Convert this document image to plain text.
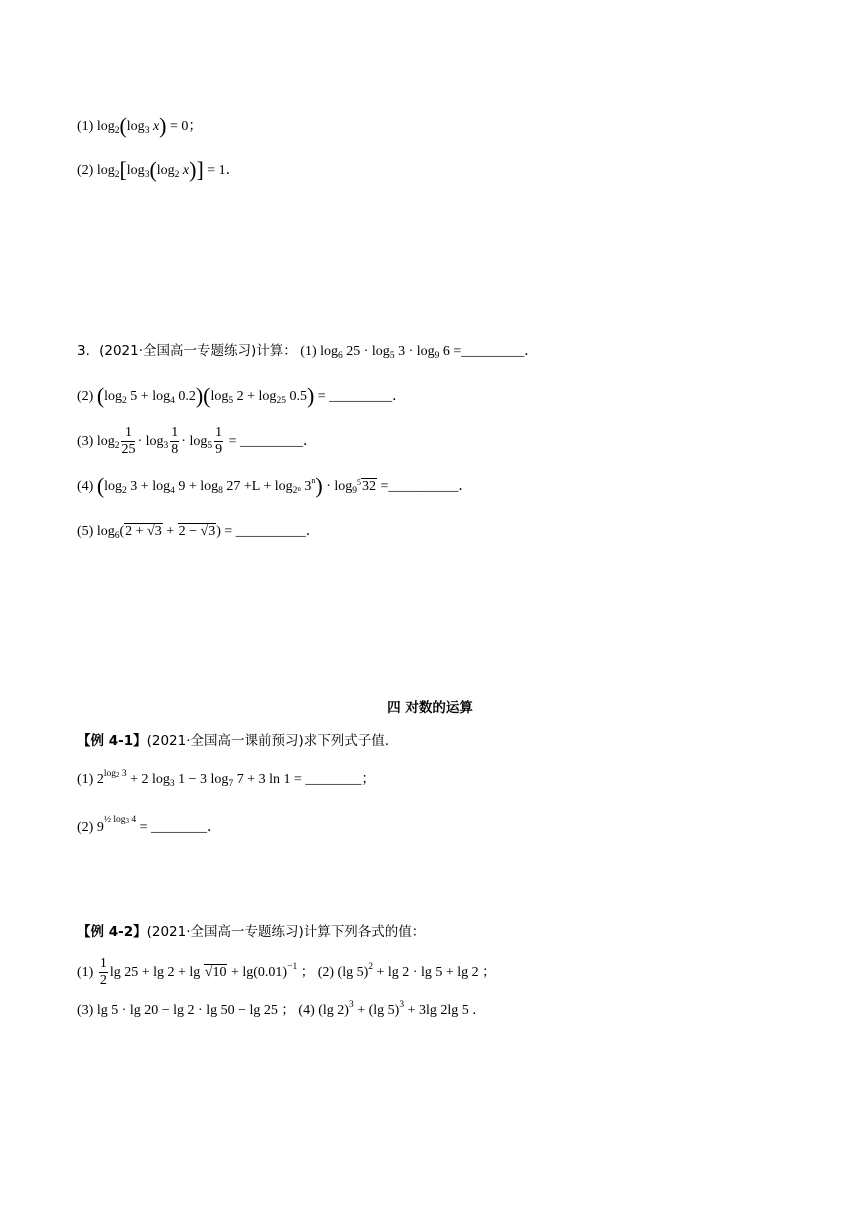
(1) $\log_2(\log_3$ x) = 0；
(2) $\log_2[\log_3(\log_2$ x)] = 1．
3．(2021·全国高一专题练习)计算： (1) $\log_6 25 \cdot \log_5 3 \cdot \log_9 6$ =_________．
(2) ($\log_2$ $5 + \log_4 0.2)(\log_5$ $2 + \log_{25} 0.5$) = _________．
(3) $\log_2 \frac{1}{25} \cdot \log_3 \frac{1}{8} \cdot \log_5 \frac{1}{9}$ = _________．
(4) ($\log_2$ $3 + \log_4 9 + \log_8 27 +L + \log_{2^n} 3^n) \cdot \log_9^532$ =__________．
(5) $\log_6(2 + √3 + 2 - √3)$ = __________．
四 对数的运算
【例 4-1】(2021·全国高一课前预习)求下列式子值．
(1) $2^{log_2 3} + 2$ $\log_3 1 - 3$ $\log_7 7 + 3$ ln 1 = ________；
(2) $9^{\frac{1}{2} log_3 4}$ = ________．
【例 4-2】(2021·全国高一专题练习)计算下列各式的值：
$(1) \frac{1}{2}$ $\lg 25 + \lg 2 + \lg √10 + \lg(0.01)^{-1}$ ； (2) (lg 5)$^2$ + lg 2 · lg 5 + lg 2 ；
(3) lg 5 · lg 20 − lg 2 · lg 50 − lg 25 ； (4) (lg 2)$^3$ + (lg 5)$^3$ + 3lg 2lg 5 ．
